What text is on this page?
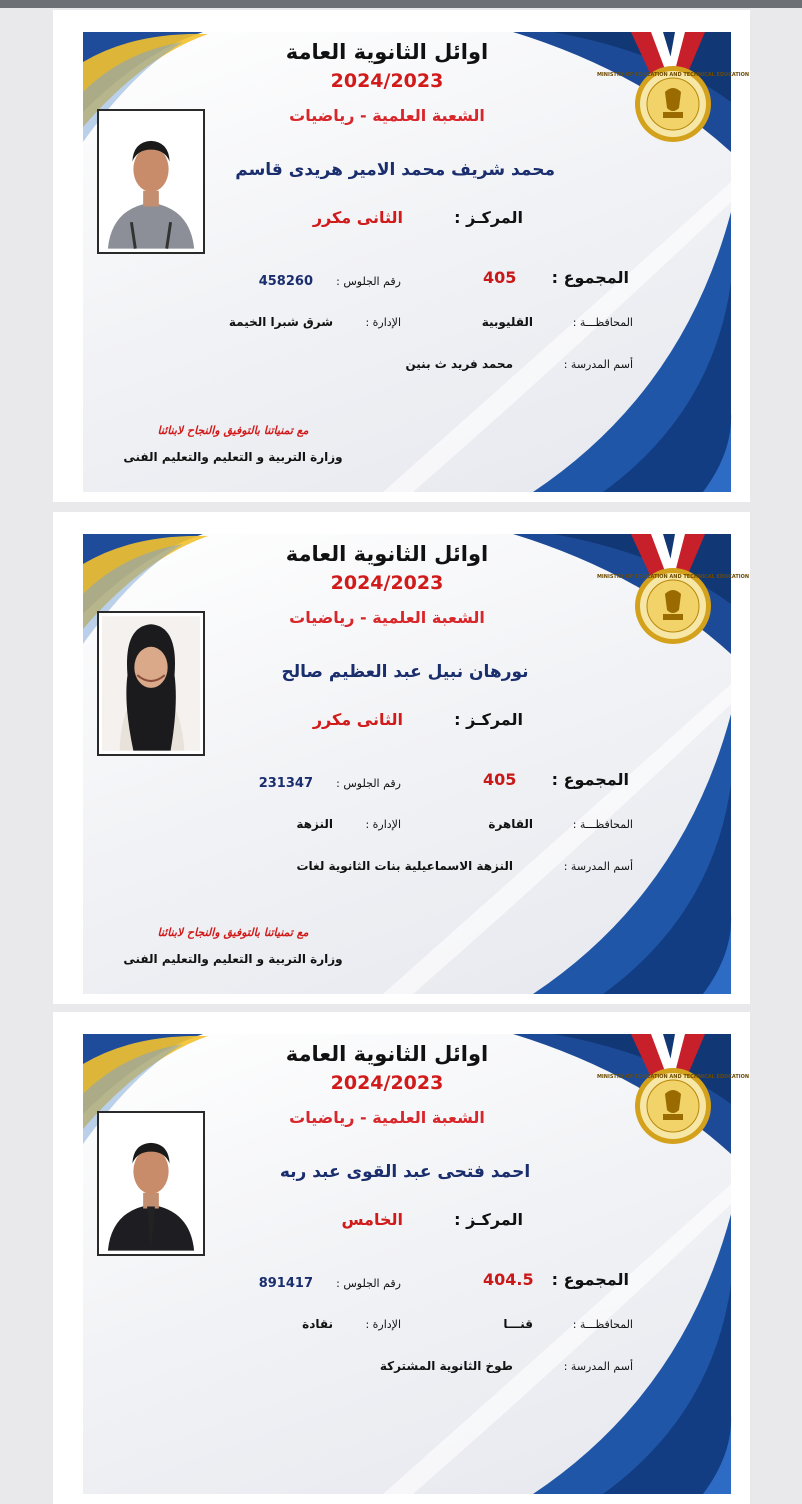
MINISTRY OF EDUCATION AND TECHNICAL EDUCATION
اوائل الثانوية العامة
2024/2023
الشعبة العلمية - رياضيات
محمد شريف محمد الامير هريدى قاسم
المركـز :
الثانى مكرر
المجموع :
405
رقم الجلوس :
458260
المحافظـــة :
القليوبية
الإدارة :
شرق شبرا الخيمة
أسم المدرسة :
محمد فريد ث بنين
مع تمنياتنا بالتوفيق والنجاح لابنائنا
وزارة التربية و التعليم والتعليم الفنى
MINISTRY OF EDUCATION AND TECHNICAL EDUCATION
اوائل الثانوية العامة
2024/2023
الشعبة العلمية - رياضيات
نورهان نبيل عبد العظيم صالح
المركـز :
الثانى مكرر
المجموع :
405
رقم الجلوس :
231347
المحافظـــة :
القاهرة
الإدارة :
النزهة
أسم المدرسة :
النزهة الاسماعيلية بنات الثانوية لغات
مع تمنياتنا بالتوفيق والنجاح لابنائنا
وزارة التربية و التعليم والتعليم الفنى
MINISTRY OF EDUCATION AND TECHNICAL EDUCATION
اوائل الثانوية العامة
2024/2023
الشعبة العلمية - رياضيات
احمد فتحى عبد القوى عبد ربه
المركـز :
الخامس
المجموع :
404.5
رقم الجلوس :
891417
المحافظـــة :
قنـــا
الإدارة :
نقادة
أسم المدرسة :
طوخ الثانوية المشتركة
